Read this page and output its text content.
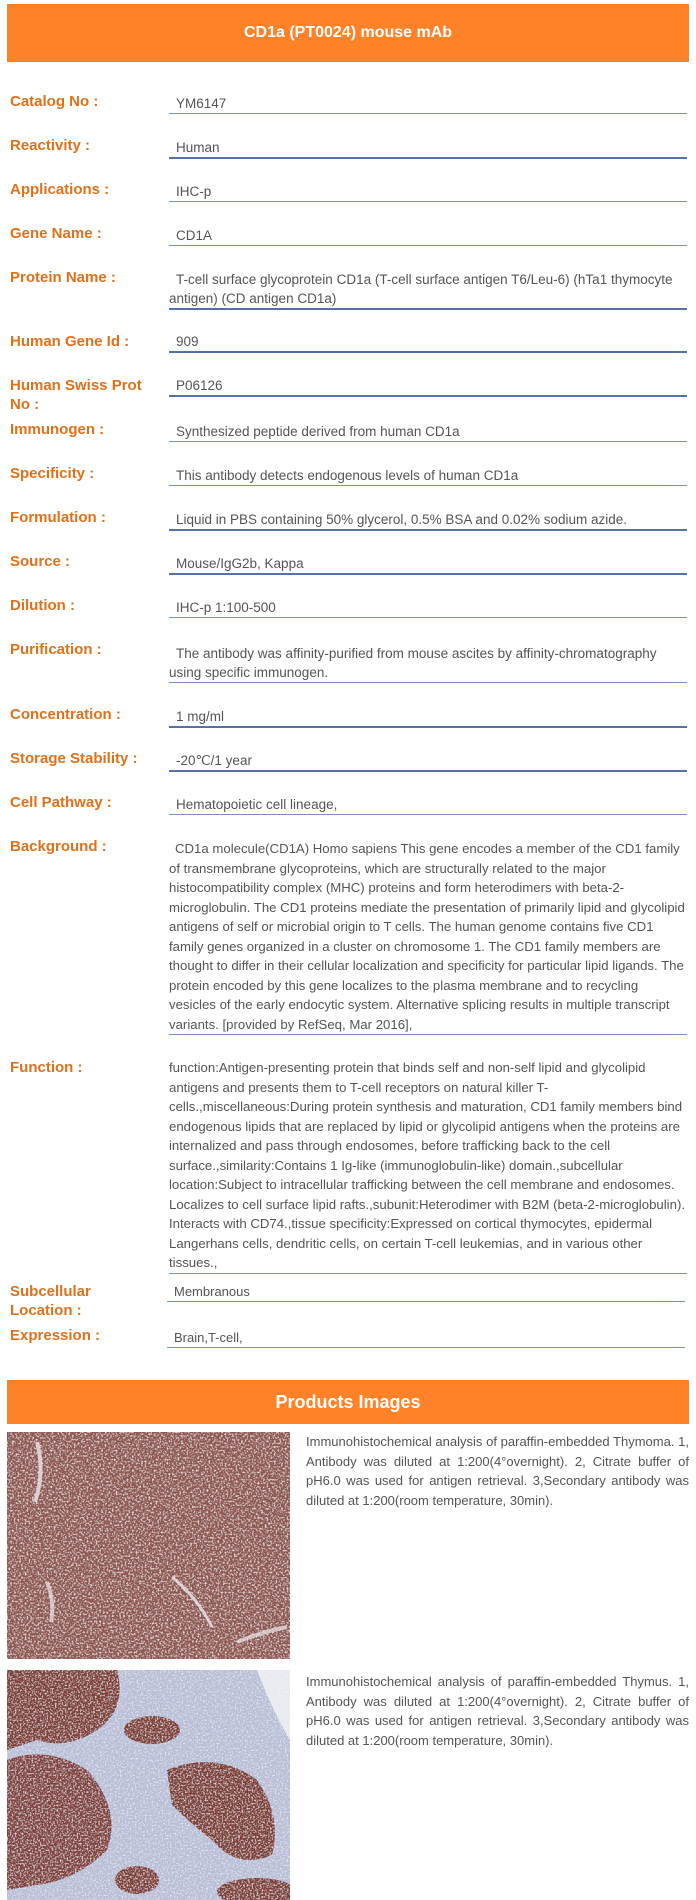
CD1a (PT0024) mouse mAb
Catalog No :	YM6147
Reactivity :	Human
Applications :	IHC-p
Gene Name :	CD1A
Protein Name :	T-cell surface glycoprotein CD1a (T-cell surface antigen T6/Leu-6) (hTa1 thymocyte antigen) (CD antigen CD1a)
Human Gene Id :	909
Human Swiss Prot No :
P06126
Immunogen :	Synthesized peptide derived from human CD1a
Specificity :	This antibody detects endogenous levels of human CD1a
Formulation :	Liquid in PBS containing 50% glycerol, 0.5% BSA and 0.02% sodium azide.
Source :	Mouse/IgG2b, Kappa
Dilution :	IHC-p 1:100-500
Purification :	The antibody was affinity-purified from mouse ascites by affinity-chromatography using specific immunogen.
Concentration :	1 mg/ml
Storage Stability :	-20℃/1 year
Cell Pathway :	Hematopoietic cell lineage,
Background :	CD1a molecule(CD1A) Homo sapiens This gene encodes a member of the CD1 family of transmembrane glycoproteins, which are structurally related to the major histocompatibility complex (MHC) proteins and form heterodimers with beta-2-microglobulin. The CD1 proteins mediate the presentation of primarily lipid and glycolipid antigens of self or microbial origin to T cells. The human genome contains five CD1 family genes organized in a cluster on chromosome 1. The CD1 family members are thought to differ in their cellular localization and specificity for particular lipid ligands. The protein encoded by this gene localizes to the plasma membrane and to recycling vesicles of the early endocytic system. Alternative splicing results in multiple transcript variants. [provided by RefSeq, Mar 2016],
Function :	function:Antigen-presenting protein that binds self and non-self lipid and glycolipid antigens and presents them to T-cell receptors on natural killer T-cells.,miscellaneous:During protein synthesis and maturation, CD1 family members bind endogenous lipids that are replaced by lipid or glycolipid antigens when the proteins are internalized and pass through endosomes, before trafficking back to the cell surface.,similarity:Contains 1 Ig-like (immunoglobulin-like) domain.,subcellular location:Subject to intracellular trafficking between the cell membrane and endosomes. Localizes to cell surface lipid rafts.,subunit:Heterodimer with B2M (beta-2-microglobulin). Interacts with CD74.,tissue specificity:Expressed on cortical thymocytes, epidermal Langerhans cells, dendritic cells, on certain T-cell leukemias, and in various other tissues.,
Subcellular Location :
Membranous
Expression :	Brain,T-cell,
Products Images
Immunohistochemical analysis of paraffin-embedded Thymoma. 1, Antibody was diluted at 1:200(4°overnight). 2, Citrate buffer of pH6.0 was used for antigen retrieval. 3,Secondary antibody was diluted at 1:200(room temperature, 30min).
Immunohistochemical analysis of paraffin-embedded Thymus. 1, Antibody was diluted at 1:200(4°overnight). 2, Citrate buffer of pH6.0 was used for antigen retrieval. 3,Secondary antibody was diluted at 1:200(room temperature, 30min).
